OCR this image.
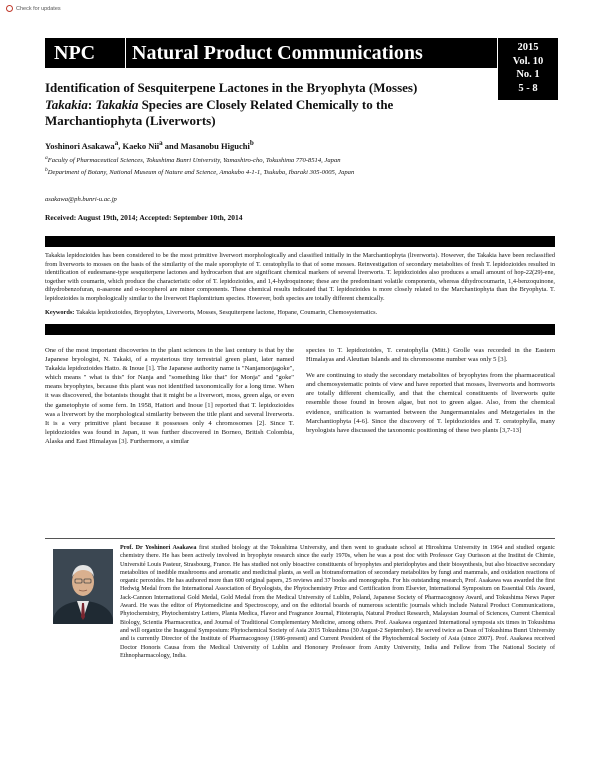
Check for updates
NPC	Natural Product Communications	2015
Vol. 10
No. 1
5 - 8
Identification of Sesquiterpene Lactones in the Bryophyta (Mosses)
Takakia: Takakia Species are Closely Related Chemically to the
Marchantiophyta (Liverworts)
Yoshinori Asakawa$^a$, Kaeko Nii$^a$ and Masanobu Higuchi$^b$
$^a$Faculty of Pharmaceutical Sciences, Tokushima Bunri University, Yamashiro-cho, Tokushima 770-8514, Japan
$^b$Department of Botany, National Museum of Nature and Science, Amakubo 4-1-1, Tsukuba, Ibaraki 305-0005, Japan
asakawa@ph.bunri-u.ac.jp
Received: August 19th, 2014; Accepted: September 10th, 2014
Takakia lepidozioides has been considered to be the most primitive liverwort morphologically and classified initially in the Marchantiophyta (liverworts). However, the Takakia have been reclassified from liverworts to mosses on the basis of the similarity of the male sporophyte of T. ceratophylla to that of some mosses. Reinvestigation of secondary metabolites of fresh T. lepidozioides resulted in identification of eudesmane-type sesquiterpene lactones and hydrocarbon that are significant chemical markers of several liverworts. T. lepidozioides also produces a small amount of hop-22(29)-ene, together with coumarin, which produce the characteristic odor of T. lepidozioides, and 1,4-hydroquinone; these are the predominant volatile components, whereas dihydrocoumarin, 1,4-benzoquinone, dihydrobenzofuran, α-asarone and α-tocopherol are minor components. These chemical results indicated that T. lepidozioides is more closely related to the Marchantiophyta than the Bryophyta. T. lepidozioides is morphologically similar to the liverwort Haplomitrium species. However, both species are totally different chemically.
Keywords: Takakia lepidozioides, Bryophytes, Liverworts, Mosses, Sesquiterpene lactone, Hopane, Coumarin, Chemosystematics.

One of the most important discoveries in the plant sciences in the last century is that by the Japanese bryologist, N. Takaki, of a mysterious tiny terrestrial green plant, later named Takakia lepidozioides Hatto. & Inoue [1]. The Japanese authority name is "Nanjamonjagoke", which means " what is this" for Nanja and "something like that" for Monja" and "goke" means bryophytes, because this plant was not identified taxonomically for a long time. When it was discovered, the botanists thought that it might be a liverwort, moss, green alga, or even the gametophyte of some fern. In 1958, Hattori and Inoue [1] reported that T. lepidozioides was a liverwort by the morphological similarity between the title plant and several liverworts. It is a very primitive plant because it possesses only 4 chromosomes [2]. Since T. lepidozioides was found in Japan, it was further discovered in Borneo, British Colombia, Alaska and East Himalayas [3]. Furthermore, a similar

species to T. lepidozioides, T. ceratophylla (Mitt.) Grolle was recorded in the Eastern Himalayas and Aleutian Islands and its chromosome number was only 5 [3].

We are continuing to study the secondary metabolites of bryophytes from the pharmaceutical and chemosystematic points of view and have reported that mosses, liverworts and hornworts are totally different chemically, and that the chemical constituents of liverworts quite resemble those found in brown algae, but not to green algae. Also, from the chemical evidence, unification is warranted between the Jungermanniales and Metzgeriales in the Marchantiophyta [4-6]. Since the discovery of T. lepidozioides and T. ceratophylla, many bryologists have discussed the taxonomic positioning of these two plants [3,7-13]

Prof. Dr Yoshinori Asakawa first studied biology at the Tokushima University, and then went to graduate school at Hiroshima University in 1964 and studied organic chemistry there. He has been actively involved in bryophyte research since the early 1970s, when he was a post doc with Professor Guy Ourisson at the Institut de Chimie, Université Louis Pasteur, Strasbourg, France. He has studied not only bioactive constituents of bryophytes and pteridophytes and their biosynthesis, but also bioactive secondary metabolites of inedible mushrooms and aromatic and medicinal plants, as well as biotransformation of secondary metabolites by fungi and mammals, and oxidation reactions of organic peroxides. He has authored more than 600 original papers, 25 reviews and 37 books and monographs. For his outstanding research, Prof. Asakawa was awarded the first Hedwig Medal from the International Association of Bryologists, the Phytochemistry Prize and Certification from Elsevier, International Symposium on Essential Oils Award, Jack-Cannon International Gold Medal, Gold Medal from the Medical University of Lublin, Poland, Japanese Society of Pharmacognosy Award, and Tokushima News Paper Award. He was the editor of Phytomedicine and Spectroscopy, and on the editorial boards of numerous scientific journals which include Natural Product Communications, Phytochemistry, Phytochemistry Letters, Planta Medica, Flavor and Fragrance Journal, Fitoterapia, Natural Product Research, Malaysian Journal of Sciences, Current Chemical Biology, Scientia Pharmaceutica, and Journal of Traditional Complementary Medicine, among others. Prof. Asakawa organized International symposia six times in Tokushima and will organize the Inaugural Symposium: Phytochemical Society of Asia 2015 Tokushima (30 August-2 September). He served twice as Dean of Tokushima Bunri University and is currently Director of the Institute of Pharmacognosy (1986-present) and Current President of the Phytochemical Society of Asia (since 2007). Prof. Asakawa received Doctor Honoris Causa from the Medical University of Lublin and Honorary Professor from Amity University, India and Fellow from The National Society of Ethnopharmacology, India.
